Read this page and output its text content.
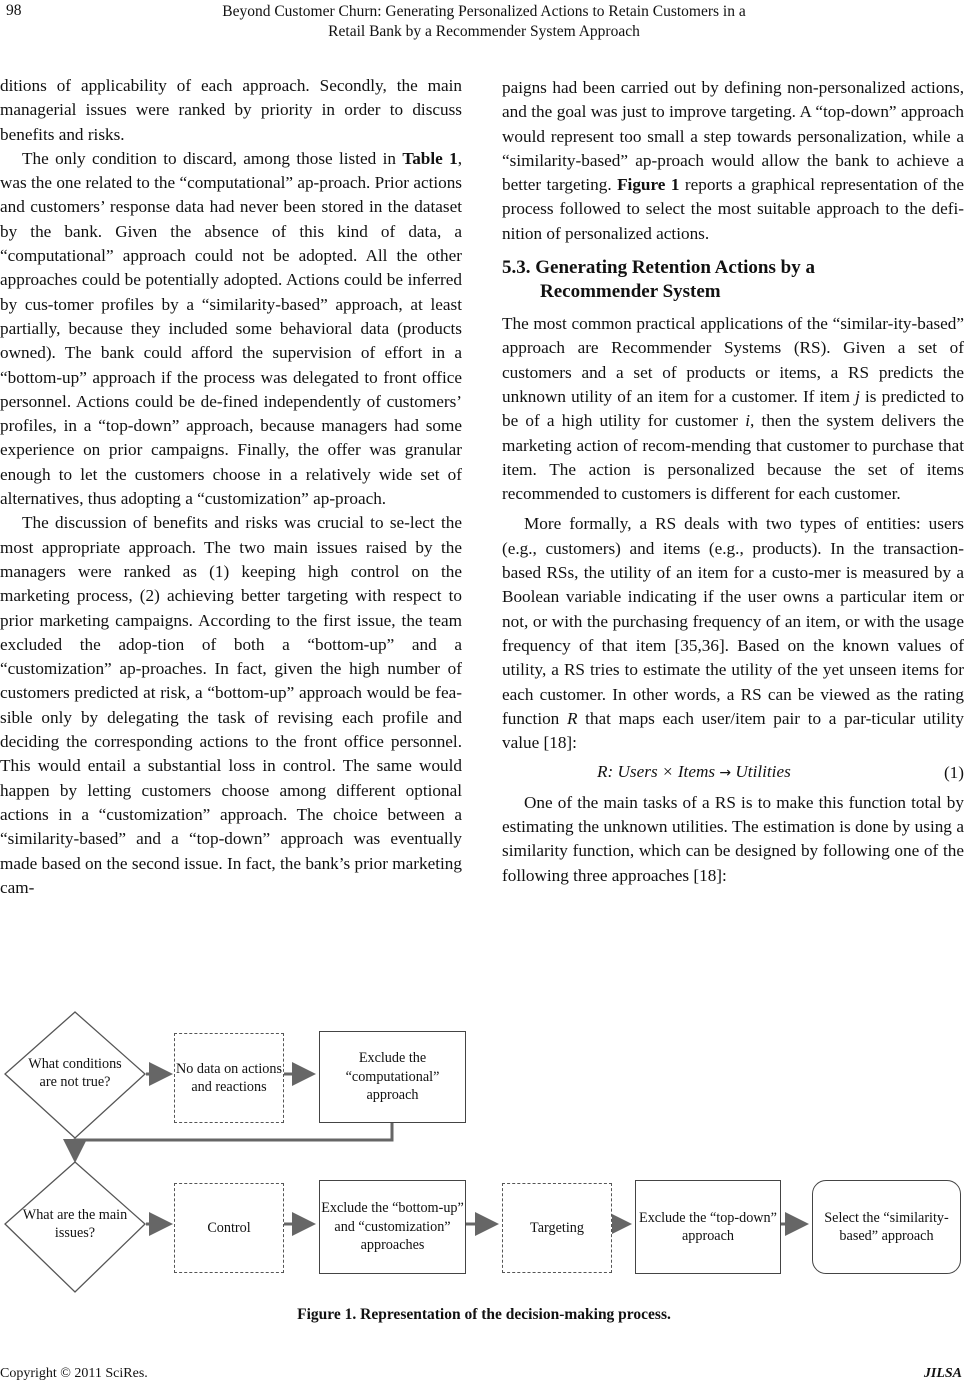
98	Beyond Customer Churn: Generating Personalized Actions to Retain Customers in a
Retail Bank by a Recommender System Approach

ditions of applicability of each approach. Secondly, the main managerial issues were ranked by priority in order to discuss benefits and risks.

The only condition to discard, among those listed in Table 1, was the one related to the “computational” ap-proach. Prior actions and customers’ response data had never been stored in the dataset by the bank. Given the absence of this kind of data, a “computational” approach could not be adopted. All the other approaches could be potentially adopted. Actions could be inferred by cus-tomer profiles by a “similarity-based” approach, at least partially, because they included some behavioral data (products owned). The bank could afford the supervision of effort in a “bottom-up” approach if the process was delegated to front office personnel. Actions could be de-fined independently of customers’ profiles, in a “top-down” approach, because managers had some experience on prior campaigns. Finally, the offer was granular enough to let the customers choose in a relatively wide set of alternatives, thus adopting a “customization” ap-proach.

The discussion of benefits and risks was crucial to se-lect the most appropriate approach. The two main issues raised by the managers were ranked as (1) keeping high control on the marketing process, (2) achieving better targeting with respect to prior marketing campaigns. According to the first issue, the team excluded the adop-tion of both a “bottom-up” and a “customization” ap-proaches. In fact, given the high number of customers predicted at risk, a “bottom-up” approach would be fea-sible only by delegating the task of revising each profile and deciding the corresponding actions to the front office personnel. This would entail a substantial loss in control. The same would happen by letting customers choose among different optional actions in a “customization” approach. The choice between a “similarity-based” and a “top-down” approach was eventually made based on the second issue. In fact, the bank’s prior marketing cam-

paigns had been carried out by defining non-personalized actions, and the goal was just to improve targeting. A “top-down” approach would represent too small a step towards personalization, while a “similarity-based” ap-proach would allow the bank to achieve a better targeting. Figure 1 reports a graphical representation of the process followed to select the most suitable approach to the defi-nition of personalized actions.

5.3. Generating Retention Actions by a
Recommender System

The most common practical applications of the “similar-ity-based” approach are Recommender Systems (RS). Given a set of customers and a set of products or items, a RS predicts the unknown utility of an item for a customer. If item j is predicted to be of a high utility for customer i, then the system delivers the marketing action of recom-mending that customer to purchase that item. The action is personalized because the set of items recommended to customers is different for each customer.

More formally, a RS deals with two types of entities: users (e.g., customers) and items (e.g., products). In the transaction-based RSs, the utility of an item for a custo-mer is measured by a Boolean variable indicating if the user owns a particular item or not, or with the purchasing frequency of an item, or with the usage frequency of that item [35,36]. Based on the known values of utility, a RS tries to estimate the utility of the yet unseen items for each customer. In other words, a RS can be viewed as the rating function R that maps each user/item pair to a par-ticular utility value [18]:

R: Users × Items → Utilities	(1)

One of the main tasks of a RS is to make this function total by estimating the unknown utilities. The estimation is done by using a similarity function, which can be designed by following one of the following three approaches [18]:

What conditions are not true?
No data on actions and reactions
Exclude the “computational” approach
What are the main issues?	Control
Exclude the “bottom-up” and “customization” approaches
Targeting
Exclude the “top-down” approach
Select the “similarity-based” approach
Figure 1. Representation of the decision-making process.
Copyright © 2011 SciRes.	JILSA
